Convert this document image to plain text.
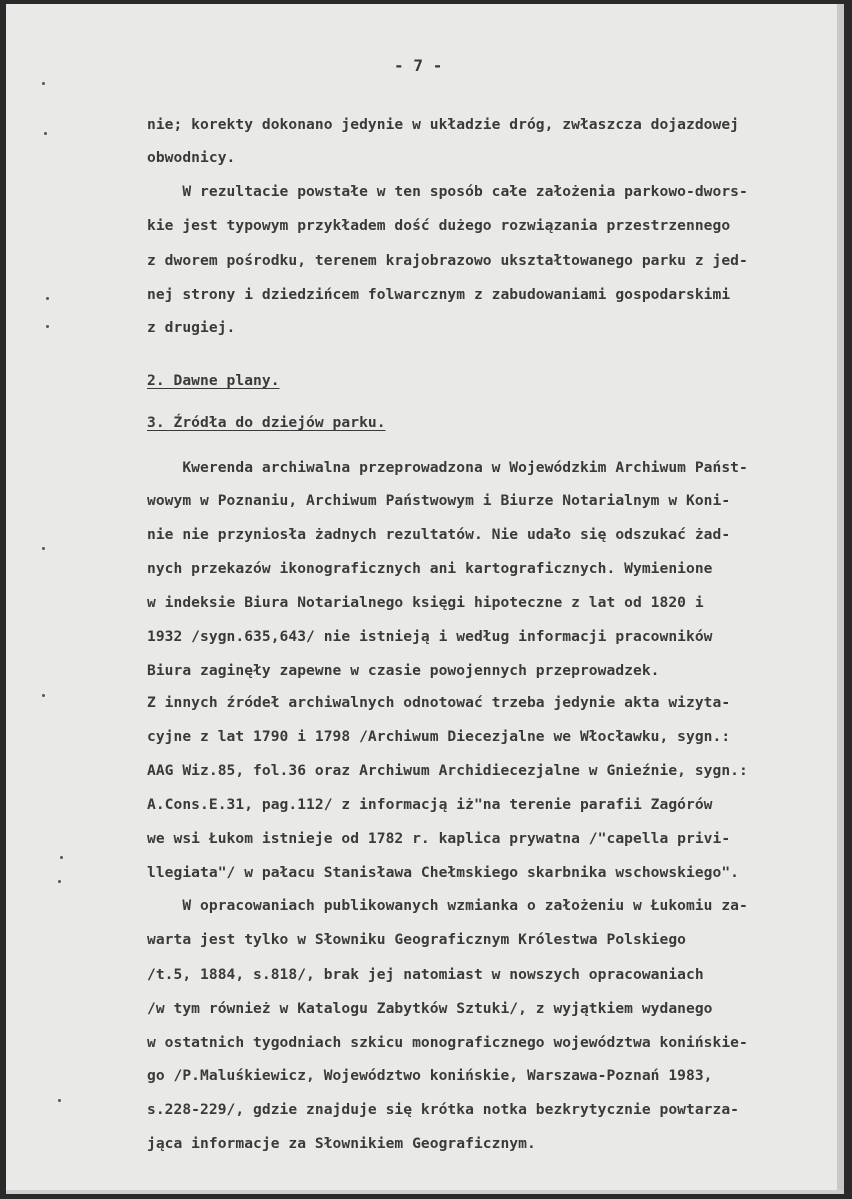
- 7 -
nie; korekty dokonano jedynie w układzie dróg, zwłaszcza dojazdowej
obwodnicy.
W rezultacie powstałe w ten sposób całe założenia parkowo-dwors-
kie jest typowym przykładem dość dużego rozwiązania przestrzennego
z dworem pośrodku, terenem krajobrazowo ukształtowanego parku z jed-
nej strony i dziedzińcem folwarcznym z zabudowaniami gospodarskimi
z drugiej.
2. Dawne plany.
3. Źródła do dziejów parku.
Kwerenda archiwalna przeprowadzona w Wojewódzkim Archiwum Państ-
wowym w Poznaniu, Archiwum Państwowym i Biurze Notarialnym w Koni-
nie nie przyniosła żadnych rezultatów. Nie udało się odszukać żad-
nych przekazów ikonograficznych ani kartograficznych. Wymienione
w indeksie Biura Notarialnego księgi hipoteczne z lat od 1820 i
1932 /sygn.635,643/ nie istnieją i według informacji pracowników
Biura zaginęły zapewne w czasie powojennych przeprowadzek.
Z innych źródeł archiwalnych odnotować trzeba jedynie akta wizyta-
cyjne z lat 1790 i 1798 /Archiwum Diecezjalne we Włocławku, sygn.:
AAG Wiz.85, fol.36 oraz Archiwum Archidiecezjalne w Gnieźnie, sygn.:
A.Cons.E.31, pag.112/ z informacją iż"na terenie parafii Zagórów
we wsi Łukom istnieje od 1782 r. kaplica prywatna /"capella privi-
llegiata"/ w pałacu Stanisława Chełmskiego skarbnika wschowskiego".
W opracowaniach publikowanych wzmianka o założeniu w Łukomiu za-
warta jest tylko w Słowniku Geograficznym Królestwa Polskiego
/t.5, 1884, s.818/, brak jej natomiast w nowszych opracowaniach
/w tym również w Katalogu Zabytków Sztuki/, z wyjątkiem wydanego
w ostatnich tygodniach szkicu monograficznego województwa konińskie-
go /P.Maluśkiewicz, Województwo konińskie, Warszawa-Poznań 1983,
s.228-229/, gdzie znajduje się krótka notka bezkrytycznie powtarza-
jąca informacje za Słownikiem Geograficznym.
